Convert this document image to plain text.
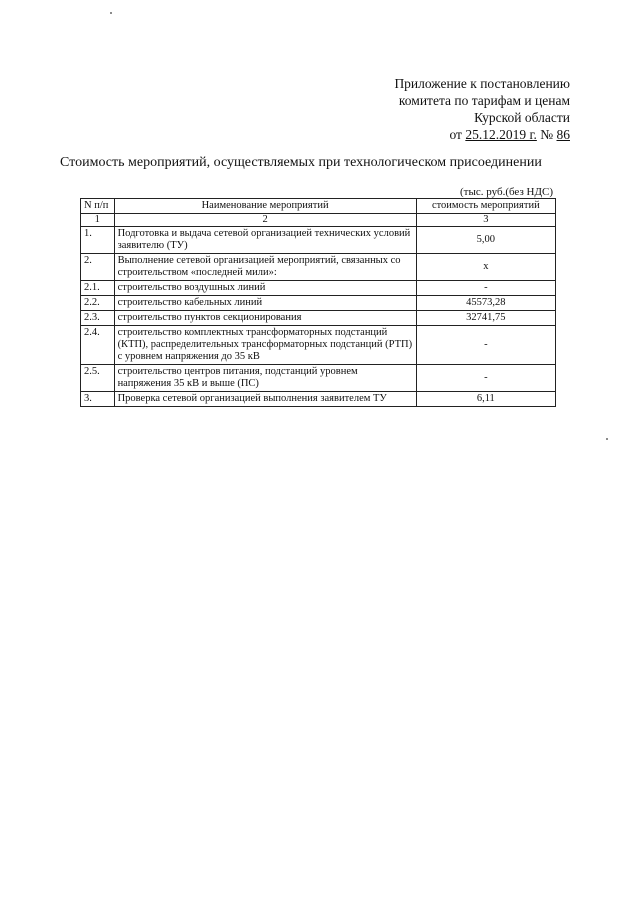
Приложение к постановлению
комитета по тарифам и ценам
Курской области
от 25.12.2019 г. № 86
Стоимость мероприятий, осуществляемых при технологическом присоединении
(тыс. руб.(без НДС)
N п/п	Наименование мероприятий	стоимость мероприятий
1	2	3
1.	Подготовка и выдача сетевой организацией технических условий заявителю (ТУ)	5,00
2.	Выполнение сетевой организацией мероприятий, связанных со строительством «последней мили»:	x
2.1.	строительство воздушных линий	-
2.2.	строительство кабельных линий	45573,28
2.3.	строительство пунктов секционирования	32741,75
2.4.	строительство комплектных трансформаторных подстанций (КТП), распределительных трансформаторных подстанций (РТП) с уровнем напряжения до 35 кВ	-
2.5.	строительство центров питания, подстанций уровнем напряжения 35 кВ и выше (ПС)	-
3.	Проверка сетевой организацией выполнения заявителем ТУ	6,11
